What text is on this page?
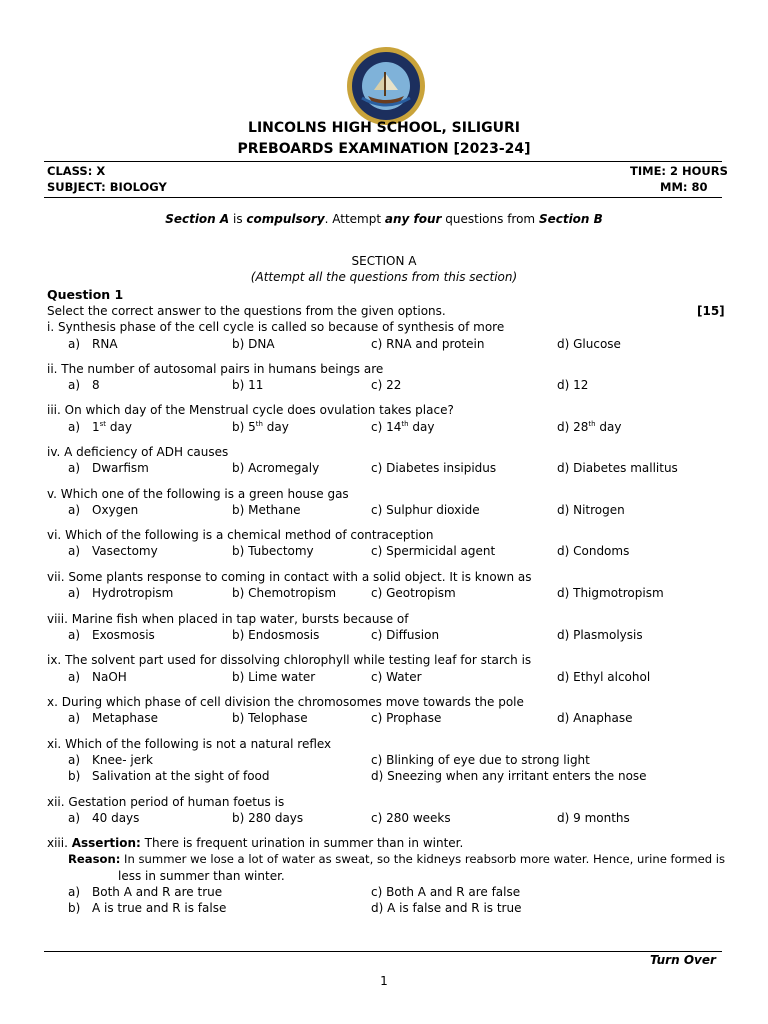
LINCOLNS HIGH SCHOOL, SILIGURI
PREBOARDS EXAMINATION [2023-24]
CLASS: X	TIME: 2 HOURS
SUBJECT: BIOLOGY	MM: 80
Section A is compulsory. Attempt any four questions from Section B
SECTION A
(Attempt all the questions from this section)
Question 1
Select the correct answer to the questions from the given options.	[15]
i. Synthesis phase of the cell cycle is called so because of synthesis of more
a) RNA	b) DNA	c) RNA and protein	d) Glucose
ii. The number of autosomal pairs in humans beings are
a) 8	b) 11	c) 22	d) 12
iii. On which day of the Menstrual cycle does ovulation takes place?
a) 1st day	b) 5th day	c) 14th day	d) 28th day
iv. A deficiency of ADH causes
a) Dwarfism	b) Acromegaly	c) Diabetes insipidus	d) Diabetes mallitus
v. Which one of the following is a green house gas
a) Oxygen	b) Methane	c) Sulphur dioxide	d) Nitrogen
vi. Which of the following is a chemical method of contraception
a) Vasectomy	b) Tubectomy	c) Spermicidal agent	d) Condoms
vii. Some plants response to coming in contact with a solid object. It is known as
a) Hydrotropism	b) Chemotropism	c) Geotropism	d) Thigmotropism
viii. Marine fish when placed in tap water, bursts because of
a) Exosmosis	b) Endosmosis	c) Diffusion	d) Plasmolysis
ix. The solvent part used for dissolving chlorophyll while testing leaf for starch is
a) NaOH	b) Lime water	c) Water	d) Ethyl alcohol
x. During which phase of cell division the chromosomes move towards the pole
a) Metaphase	b) Telophase	c) Prophase	d) Anaphase
xi. Which of the following is not a natural reflex
a) Knee- jerk	c) Blinking of eye due to strong light
b) Salivation at the sight of food	d) Sneezing when any irritant enters the nose
xii. Gestation period of human foetus is
a) 40 days	b) 280 days	c) 280 weeks	d) 9 months
xiii. Assertion: There is frequent urination in summer than in winter.
Reason: In summer we lose a lot of water as sweat, so the kidneys reabsorb more water. Hence, urine formed is
less in summer than winter.
a) Both A and R are true	c) Both A and R are false
b) A is true and R is false	d) A is false and R is true
Turn Over
1
